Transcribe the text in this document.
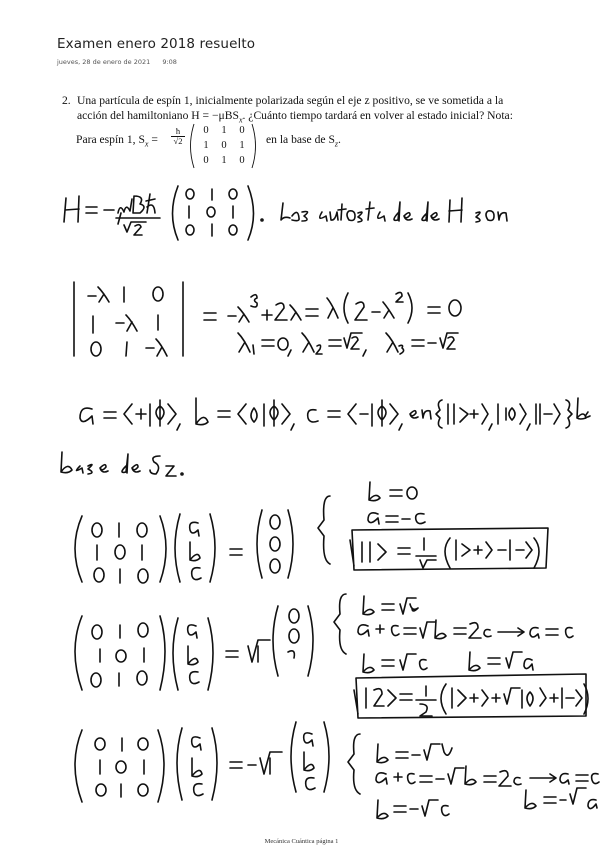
Examen enero 2018 resuelto
jueves, 28 de enero de 2021 9:08
2. Una partícula de espín 1, inicialmente polarizada según el eje z positivo, se ve sometida a la
acción del hamiltoniano H = −μBS$_x$. ¿Cuánto tiempo tardará en volver al estado inicial? Nota:
Para espín 1, $S_x = \frac{ħ}{√2}$	0	1	0
1	0	1
0	1	0
en la base de $S_z$.
Mecánica Cuántica página 1
